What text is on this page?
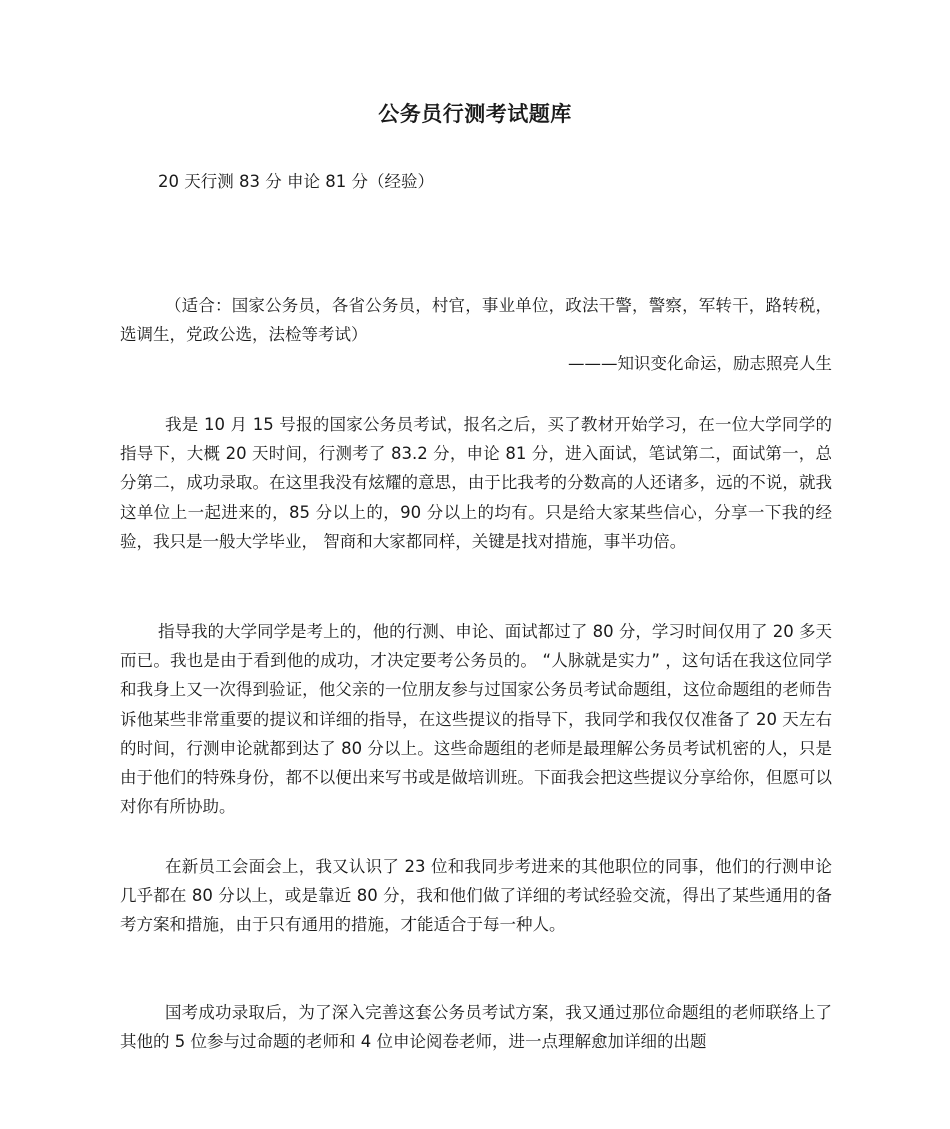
公务员行测考试题库
20 天行测 83 分 申论 81 分（经验）
（适合：国家公务员，各省公务员，村官，事业单位，政法干警，警察，军转干，路转税，选调生，党政公选，法检等考试）
———知识变化命运，励志照亮人生

我是 10 月 15 号报的国家公务员考试，报名之后，买了教材开始学习，在一位大学同学的指导下，大概 20 天时间，行测考了 83.2 分，申论 81 分，进入面试，笔试第二，面试第一，总分第二，成功录取。在这里我没有炫耀的意思，由于比我考的分数高的人还诸多，远的不说，就我这单位上一起进来的，85 分以上的，90 分以上的均有。只是给大家某些信心，分享一下我的经验，我只是一般大学毕业， 智商和大家都同样，关键是找对措施，事半功倍。

指导我的大学同学是考上的，他的行测、申论、面试都过了 80 分，学习时间仅用了 20 多天而已。我也是由于看到他的成功，才决定要考公务员的。 “人脉就是实力” ，这句话在我这位同学和我身上又一次得到验证，他父亲的一位朋友参与过国家公务员考试命题组，这位命题组的老师告诉他某些非常重要的提议和详细的指导，在这些提议的指导下，我同学和我仅仅准备了 20 天左右的时间，行测申论就都到达了 80 分以上。这些命题组的老师是最理解公务员考试机密的人，只是由于他们的特殊身份，都不以便出来写书或是做培训班。下面我会把这些提议分享给你，但愿可以对你有所协助。

在新员工会面会上，我又认识了 23 位和我同步考进来的其他职位的同事，他们的行测申论几乎都在 80 分以上，或是靠近 80 分，我和他们做了详细的考试经验交流，得出了某些通用的备考方案和措施，由于只有通用的措施，才能适合于每一种人。

国考成功录取后，为了深入完善这套公务员考试方案，我又通过那位命题组的老师联络上了其他的 5 位参与过命题的老师和 4 位申论阅卷老师，进一点理解愈加详细的出题
